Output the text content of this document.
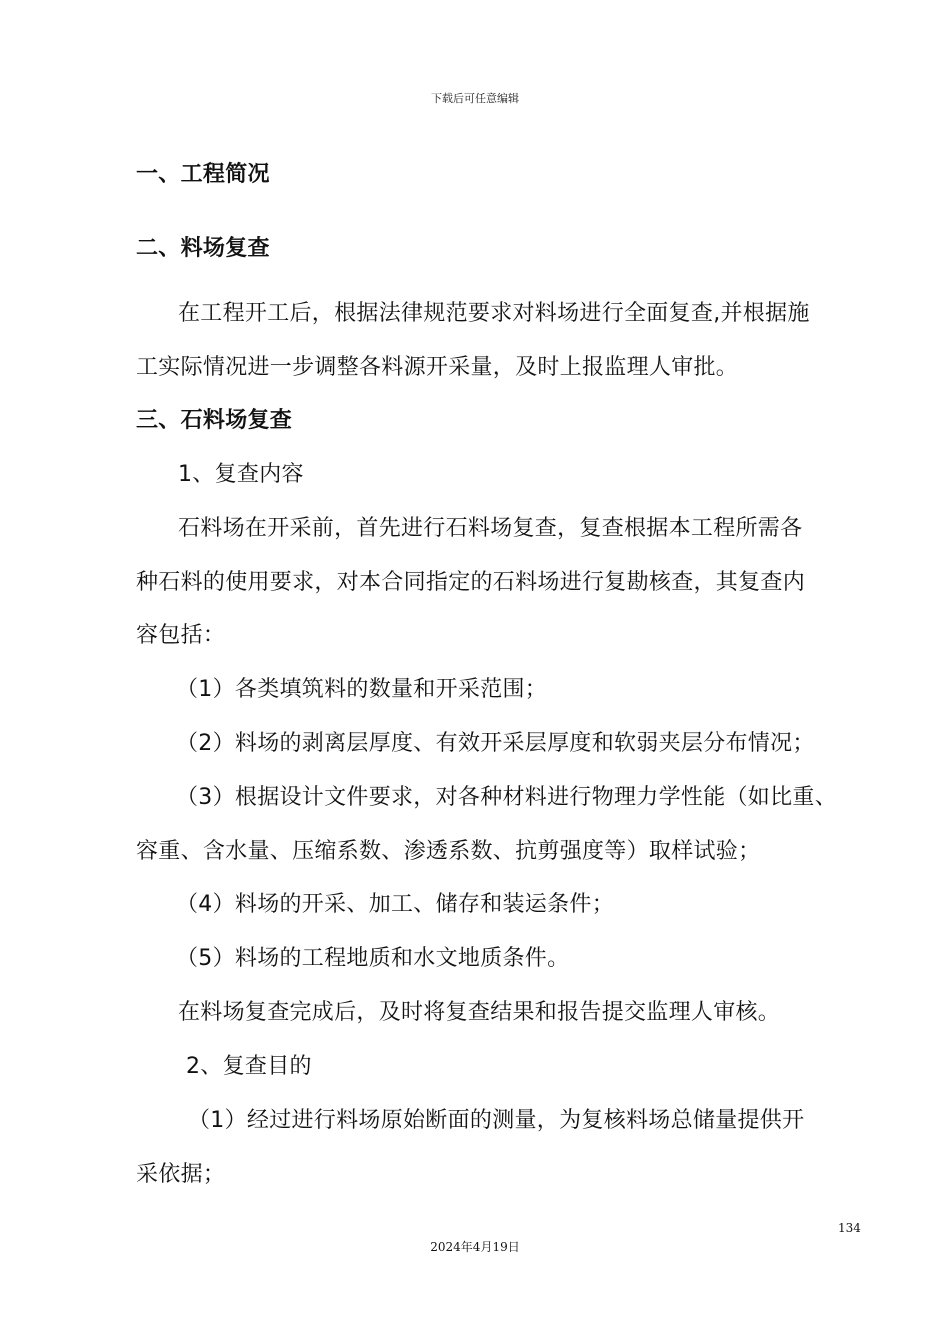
下载后可任意编辑
一、工程简况
二、料场复查
在工程开工后，根据法律规范要求对料场进行全面复查,并根据施
工实际情况进一步调整各料源开采量，及时上报监理人审批。
三、石料场复查
1、复查内容
石料场在开采前，首先进行石料场复查，复查根据本工程所需各
种石料的使用要求，对本合同指定的石料场进行复勘核查，其复查内
容包括：
（1）各类填筑料的数量和开采范围；
（2）料场的剥离层厚度、有效开采层厚度和软弱夹层分布情况；
（3）根据设计文件要求，对各种材料进行物理力学性能（如比重、
容重、含水量、压缩系数、渗透系数、抗剪强度等）取样试验；
（4）料场的开采、加工、储存和装运条件；
（5）料场的工程地质和水文地质条件。
在料场复查完成后，及时将复查结果和报告提交监理人审核。
2、复查目的
（1）经过进行料场原始断面的测量，为复核料场总储量提供开
采依据；
134
2024年4月19日
